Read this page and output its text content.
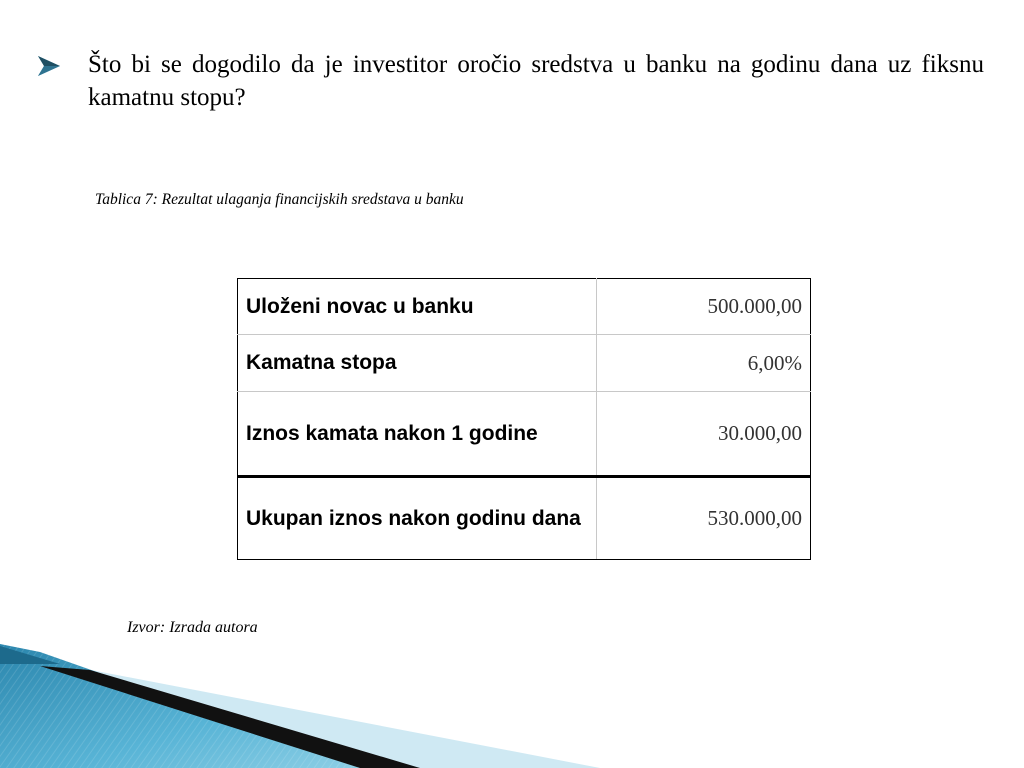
Što bi se dogodilo da je investitor oročio sredstva u banku na godinu dana uz fiksnu kamatnu stopu?
Tablica 7: Rezultat ulaganja financijskih sredstava u banku
Uloženi novac u banku	500.000,00
Kamatna stopa	6,00%
Iznos kamata nakon 1 godine	30.000,00
Ukupan iznos nakon godinu dana	530.000,00
Izvor: Izrada autora
